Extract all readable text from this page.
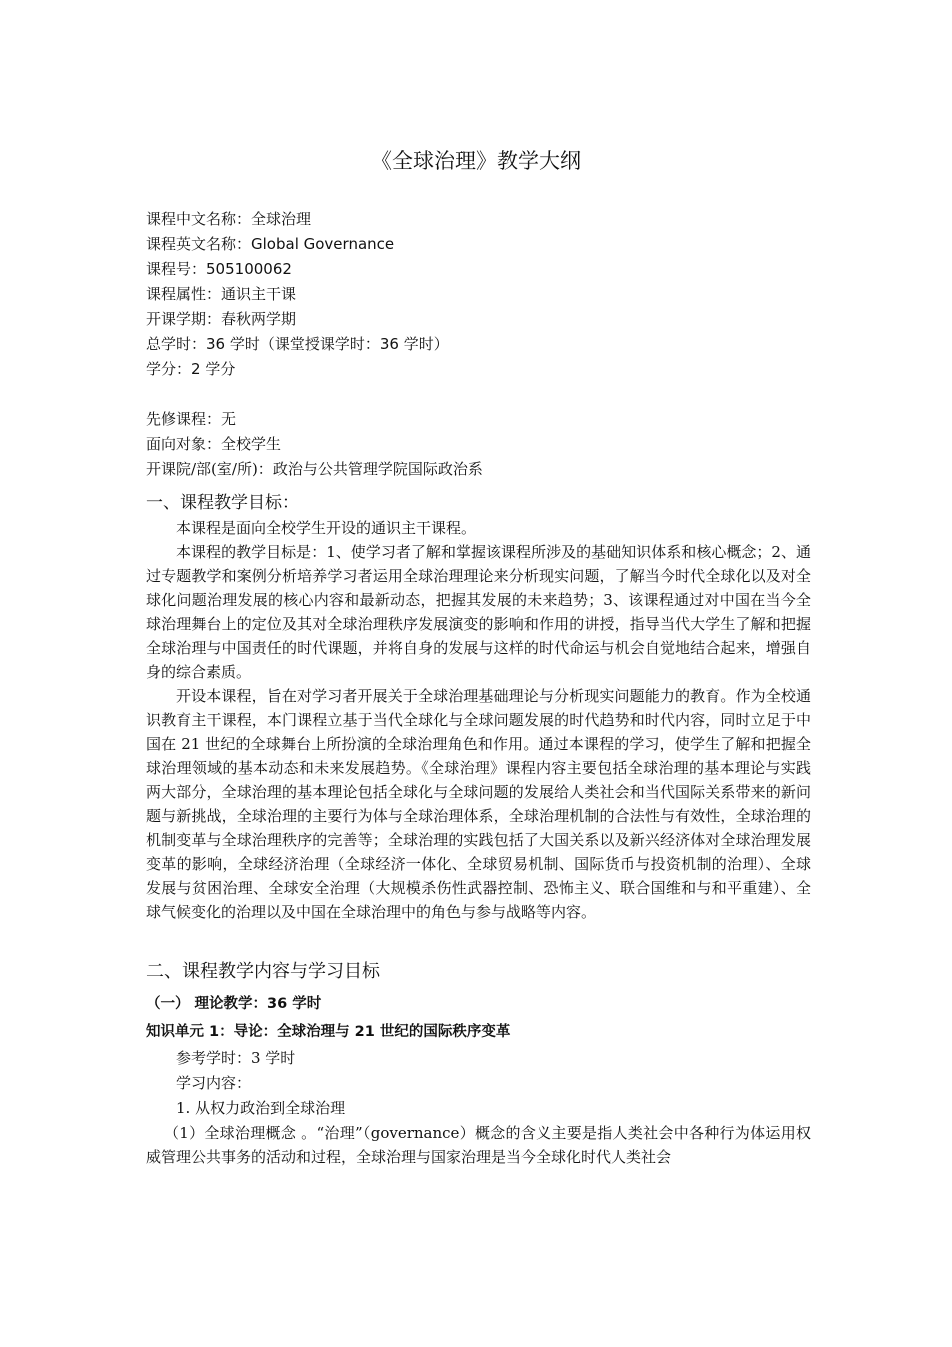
《全球治理》教学大纲
课程中文名称：全球治理
课程英文名称：Global Governance
课程号：505100062
课程属性：通识主干课
开课学期：春秋两学期
总学时：36 学时（课堂授课学时：36 学时）
学分：2 学分
先修课程：无
面向对象：全校学生
开课院/部(室/所)：政治与公共管理学院国际政治系
一、课程教学目标：

本课程是面向全校学生开设的通识主干课程。

本课程的教学目标是：1、使学习者了解和掌握该课程所涉及的基础知识体系和核心概念；2、通过专题教学和案例分析培养学习者运用全球治理理论来分析现实问题，了解当今时代全球化以及对全球化问题治理发展的核心内容和最新动态，把握其发展的未来趋势；3、该课程通过对中国在当今全球治理舞台上的定位及其对全球治理秩序发展演变的影响和作用的讲授，指导当代大学生了解和把握全球治理与中国责任的时代课题，并将自身的发展与这样的时代命运与机会自觉地结合起来，增强自身的综合素质。

开设本课程，旨在对学习者开展关于全球治理基础理论与分析现实问题能力的教育。作为全校通识教育主干课程，本门课程立基于当代全球化与全球问题发展的时代趋势和时代内容，同时立足于中国在 21 世纪的全球舞台上所扮演的全球治理角色和作用。通过本课程的学习，使学生了解和把握全球治理领域的基本动态和未来发展趋势。《全球治理》课程内容主要包括全球治理的基本理论与实践两大部分，全球治理的基本理论包括全球化与全球问题的发展给人类社会和当代国际关系带来的新问题与新挑战，全球治理的主要行为体与全球治理体系，全球治理机制的合法性与有效性，全球治理的机制变革与全球治理秩序的完善等；全球治理的实践包括了大国关系以及新兴经济体对全球治理发展变革的影响，全球经济治理（全球经济一体化、全球贸易机制、国际货币与投资机制的治理）、全球发展与贫困治理、全球安全治理（大规模杀伤性武器控制、恐怖主义、联合国维和与和平重建）、全球气候变化的治理以及中国在全球治理中的角色与参与战略等内容。

二、课程教学内容与学习目标
（一） 理论教学：36 学时
知识单元 1：导论：全球治理与 21 世纪的国际秩序变革
参考学时：3 学时
学习内容：
1. 从权力政治到全球治理

（1）全球治理概念 。“治理”（governance）概念的含义主要是指人类社会中各种行为体运用权威管理公共事务的活动和过程，全球治理与国家治理是当今全球化时代人类社会
